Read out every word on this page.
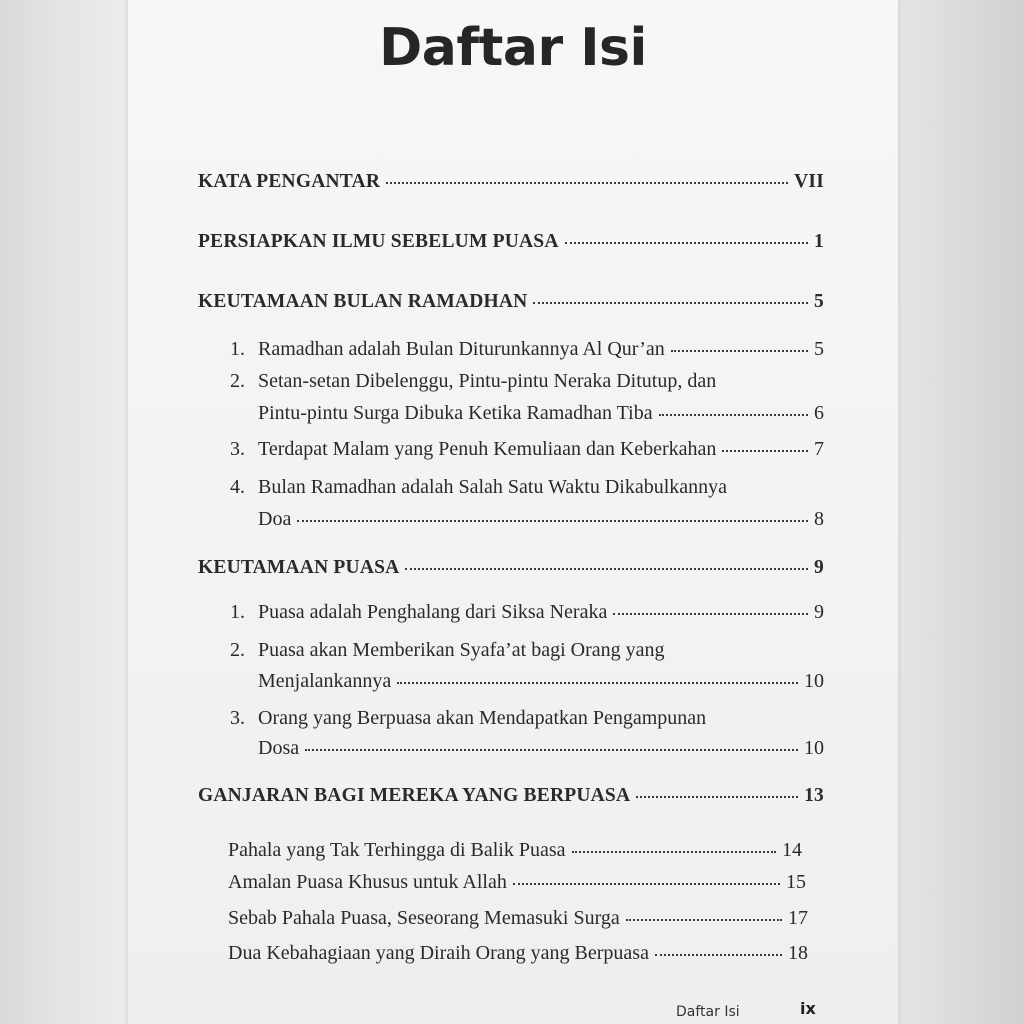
Daftar Isi
KATA PENGANTAR	VII
PERSIAPKAN ILMU SEBELUM PUASA	1
KEUTAMAAN BULAN RAMADHAN	5
1. Ramadhan adalah Bulan Diturunkannya Al Qur’an	5
2. Setan-setan Dibelenggu, Pintu-pintu Neraka Ditutup, dan
Pintu-pintu Surga Dibuka Ketika Ramadhan Tiba	6
3. Terdapat Malam yang Penuh Kemuliaan dan Keberkahan	7
4. Bulan Ramadhan adalah Salah Satu Waktu Dikabulkannya
Doa	8
KEUTAMAAN PUASA	9
1. Puasa adalah Penghalang dari Siksa Neraka	9
2. Puasa akan Memberikan Syafa’at bagi Orang yang
Menjalankannya	10
3. Orang yang Berpuasa akan Mendapatkan Pengampunan
Dosa	10
GANJARAN BAGI MEREKA YANG BERPUASA	13
Pahala yang Tak Terhingga di Balik Puasa	14
Amalan Puasa Khusus untuk Allah	15
Sebab Pahala Puasa, Seseorang Memasuki Surga	17
Dua Kebahagiaan yang Diraih Orang yang Berpuasa	18
Daftar Isi	ix
